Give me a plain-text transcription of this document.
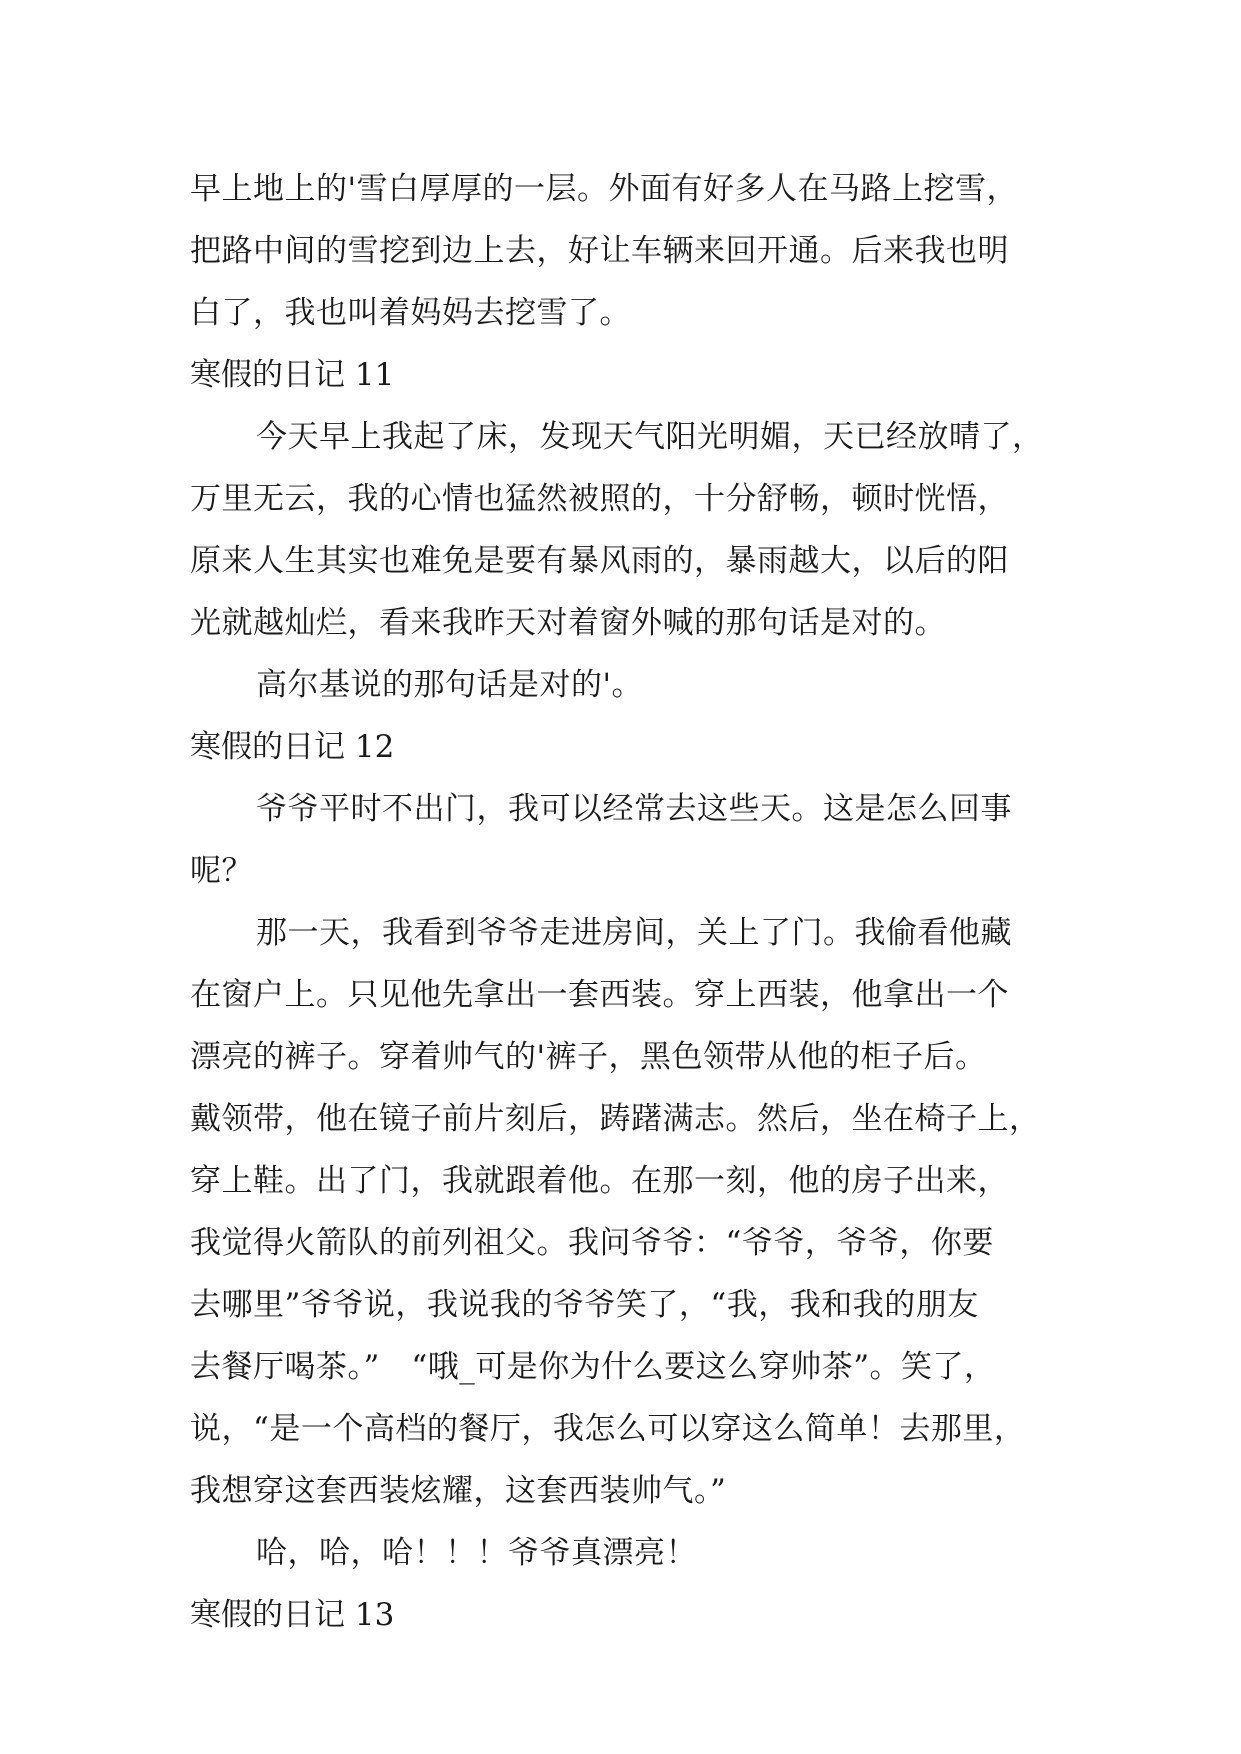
早上地上的'雪白厚厚的一层。外面有好多人在马路上挖雪，
把路中间的雪挖到边上去，好让车辆来回开通。后来我也明
白了，我也叫着妈妈去挖雪了。
寒假的日记 11
今天早上我起了床，发现天气阳光明媚，天已经放晴了，
万里无云，我的心情也猛然被照的，十分舒畅，顿时恍悟，
原来人生其实也难免是要有暴风雨的，暴雨越大，以后的阳
光就越灿烂，看来我昨天对着窗外喊的那句话是对的。
高尔基说的那句话是对的'。
寒假的日记 12
爷爷平时不出门，我可以经常去这些天。这是怎么回事
呢？
那一天，我看到爷爷走进房间，关上了门。我偷看他藏
在窗户上。只见他先拿出一套西装。穿上西装，他拿出一个
漂亮的裤子。穿着帅气的'裤子，黑色领带从他的柜子后。
戴领带，他在镜子前片刻后，踌躇满志。然后，坐在椅子上，
穿上鞋。出了门，我就跟着他。在那一刻，他的房子出来，
我觉得火箭队的前列祖父。我问爷爷：“爷爷，爷爷，你要
去哪里”爷爷说，我说我的爷爷笑了，“我，我和我的朋友
去餐厅喝茶。”　“哦_可是你为什么要这么穿帅茶”。笑了，
说，“是一个高档的餐厅，我怎么可以穿这么简单！去那里，
我想穿这套西装炫耀，这套西装帅气。”
哈，哈，哈！！！爷爷真漂亮！
寒假的日记 13
